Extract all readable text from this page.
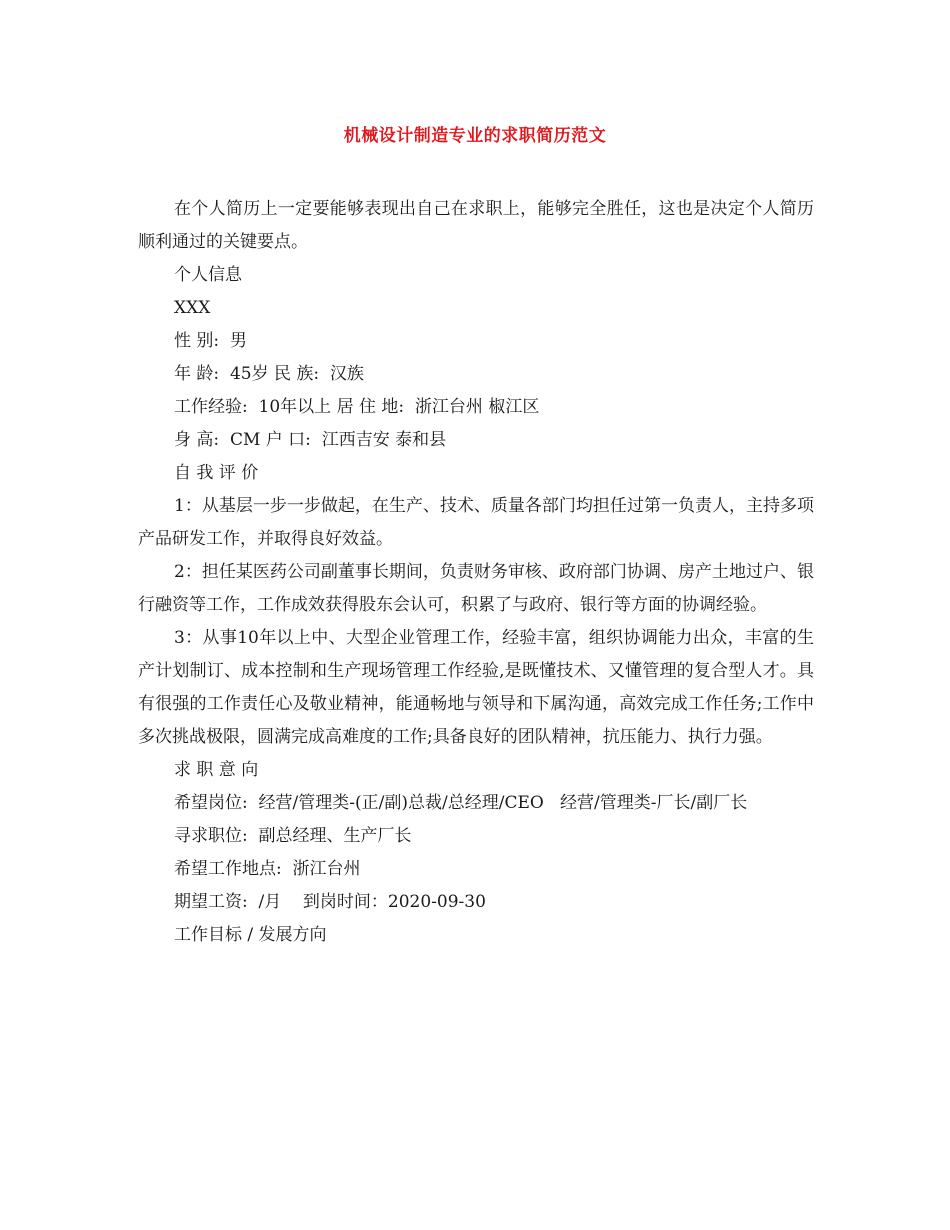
机械设计制造专业的求职简历范文

在个人简历上一定要能够表现出自己在求职上，能够完全胜任，这也是决定个人简历顺利通过的关键要点。

个人信息

XXX

性 别:  男

年 龄:  45岁 民 族:  汉族

工作经验:  10年以上 居 住 地:  浙江台州 椒江区

身 高:  CM 户 口:  江西吉安 泰和县

自 我 评 价

1：从基层一步一步做起，在生产、技术、质量各部门均担任过第一负责人，主持多项产品研发工作，并取得良好效益。

2：担任某医药公司副董事长期间，负责财务审核、政府部门协调、房产土地过户、银行融资等工作，工作成效获得股东会认可，积累了与政府、银行等方面的协调经验。

3：从事10年以上中、大型企业管理工作，经验丰富，组织协调能力出众，丰富的生产计划制订、成本控制和生产现场管理工作经验,是既懂技术、又懂管理的复合型人才。具有很强的工作责任心及敬业精神，能通畅地与领导和下属沟通，高效完成工作任务;工作中多次挑战极限，圆满完成高难度的工作;具备良好的团队精神，抗压能力、执行力强。

求 职 意 向

希望岗位:  经营/管理类-(正/副)总裁/总经理/CEO   经营/管理类-厂长/副厂长

寻求职位:  副总经理、生产厂长

希望工作地点:  浙江台州

期望工资:  /月    到岗时间：2020-09-30

工作目标 / 发展方向
